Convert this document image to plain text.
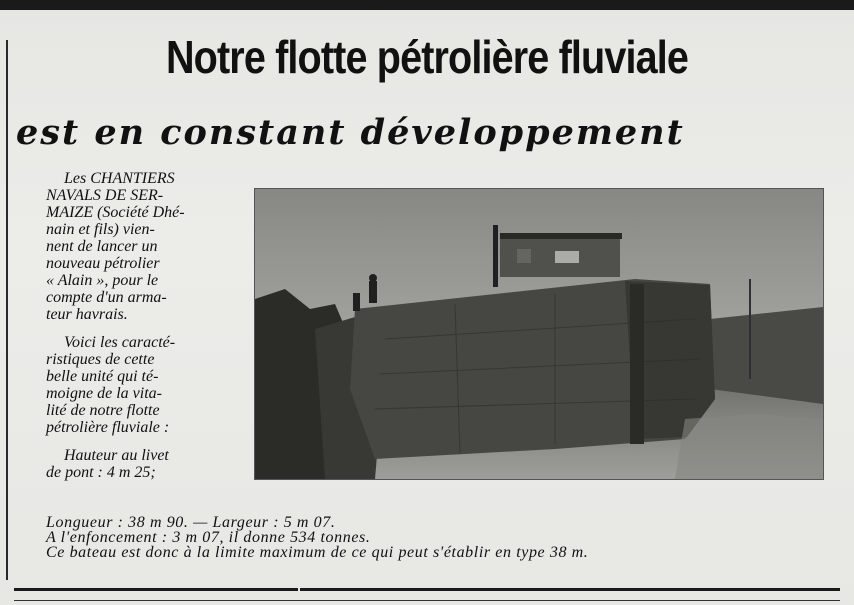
Notre flotte pétrolière fluviale
est en constant développement

Les CHANTIERS
NAVALS DE SER-
MAIZE (Société Dhé-
nain et fils) vien-
nent de lancer un
nouveau pétrolier
« Alain », pour le
compte d'un arma-
teur havrais.

Voici les caracté-
ristiques de cette
belle unité qui té-
moigne de la vita-
lité de notre flotte
pétrolière fluviale :

Hauteur au livet
de pont : 4 m 25;

Longueur : 38 m 90. — Largeur : 5 m 07.
A l'enfoncement : 3 m 07, il donne 534 tonnes.
Ce bateau est donc à la limite maximum de ce qui peut s'établir en type 38 m.
